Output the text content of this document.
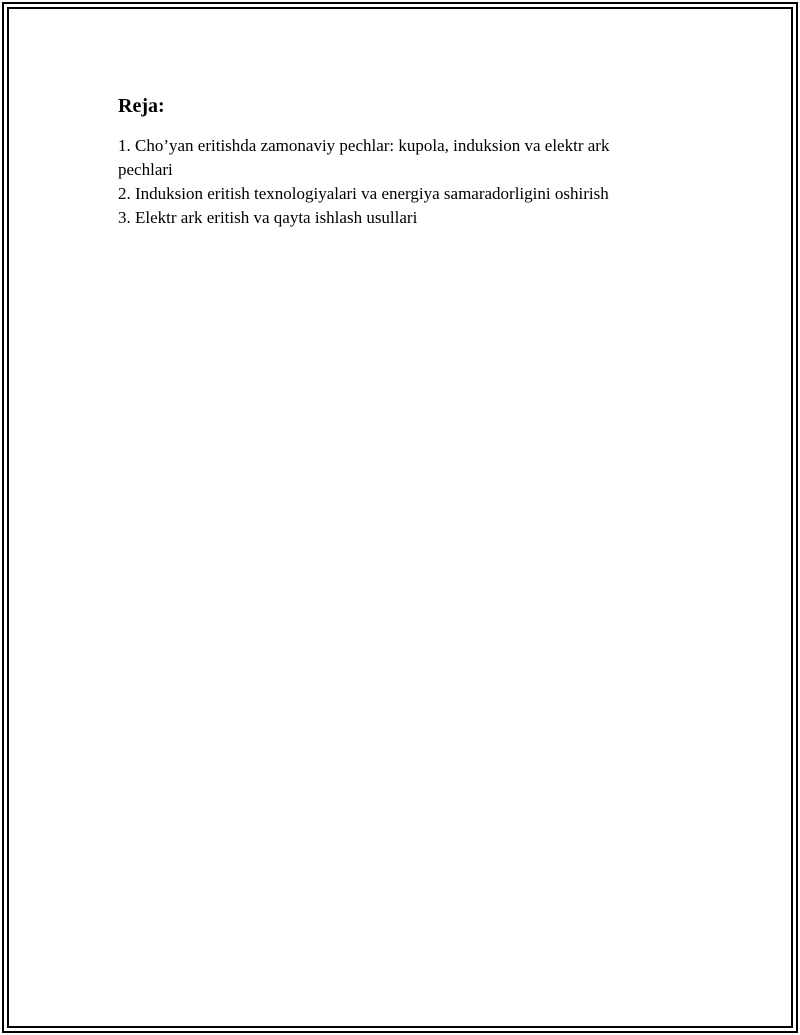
Reja:
1. Cho’yan eritishda zamonaviy pechlar: kupola, induksion va elektr ark pechlari
2. Induksion eritish texnologiyalari va energiya samaradorligini oshirish
3. Elektr ark eritish va qayta ishlash usullari
